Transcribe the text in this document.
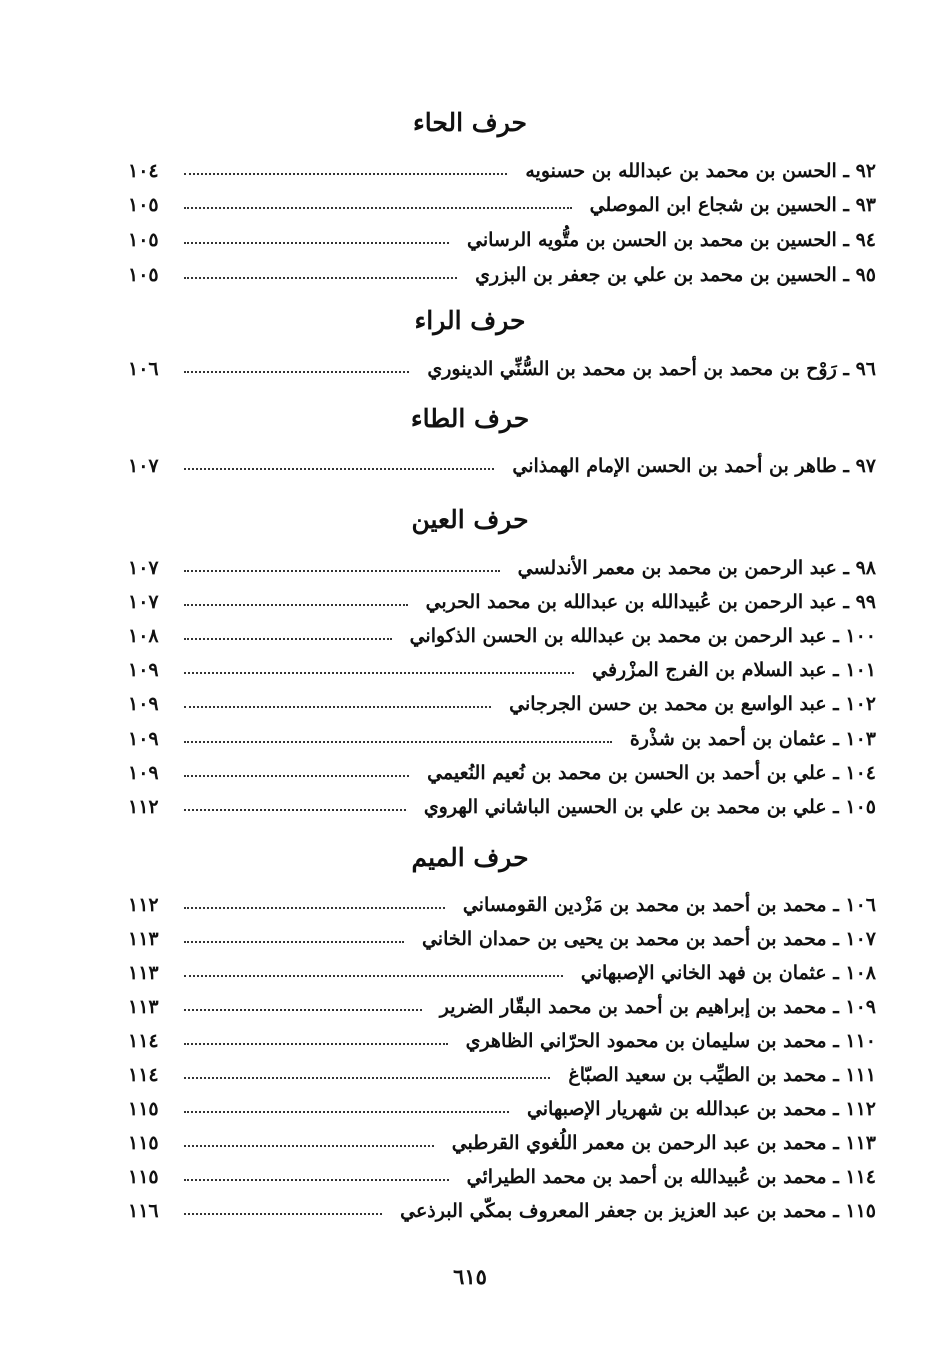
حرف الحاء
٩٢ ـ الحسن بن محمد بن عبدالله بن حسنويه
١٠٤
٩٣ ـ الحسين بن شجاع ابن الموصلي
١٠٥
٩٤ ـ الحسين بن محمد بن الحسن بن متُّويه الرساني
١٠٥
٩٥ ـ الحسين بن محمد بن علي بن جعفر بن البزري
١٠٥
حرف الراء
٩٦ ـ رَوْح بن محمد بن أحمد بن محمد بن السُّنِّي الدينوري
١٠٦
حرف الطاء
٩٧ ـ طاهر بن أحمد بن الحسن الإمام الهمذاني
١٠٧
حرف العين
٩٨ ـ عبد الرحمن بن محمد بن معمر الأندلسي
١٠٧
٩٩ ـ عبد الرحمن بن عُبيدالله بن عبدالله بن محمد الحربي
١٠٧
١٠٠ ـ عبد الرحمن بن محمد بن عبدالله بن الحسن الذكواني
١٠٨
١٠١ ـ عبد السلام بن الفرج المزْرفي
١٠٩
١٠٢ ـ عبد الواسع بن محمد بن حسن الجرجاني
١٠٩
١٠٣ ـ عثمان بن أحمد بن شذْرة
١٠٩
١٠٤ ـ علي بن أحمد بن الحسن بن محمد بن نُعيم النُعيمي
١٠٩
١٠٥ ـ علي بن محمد بن علي بن الحسين الباشاني الهروي
١١٢
حرف الميم
١٠٦ ـ محمد بن أحمد بن محمد بن مَزْدين القومساني
١١٢
١٠٧ ـ محمد بن أحمد بن محمد بن يحيى بن حمدان الخاني
١١٣
١٠٨ ـ عثمان بن فهد الخاني الإصبهاني
١١٣
١٠٩ ـ محمد بن إبراهيم بن أحمد بن محمد البقّار الضرير
١١٣
١١٠ ـ محمد بن سليمان بن محمود الحرّاني الظاهري
١١٤
١١١ ـ محمد بن الطيِّب بن سعيد الصبّاغ
١١٤
١١٢ ـ محمد بن عبدالله بن شهريار الإصبهاني
١١٥
١١٣ ـ محمد بن عبد الرحمن بن معمر اللُغوي القرطبي
١١٥
١١٤ ـ محمد بن عُبيدالله بن أحمد بن محمد الطيرائي
١١٥
١١٥ ـ محمد بن عبد العزيز بن جعفر المعروف بمكّي البرذعي
١١٦
٦١٥
